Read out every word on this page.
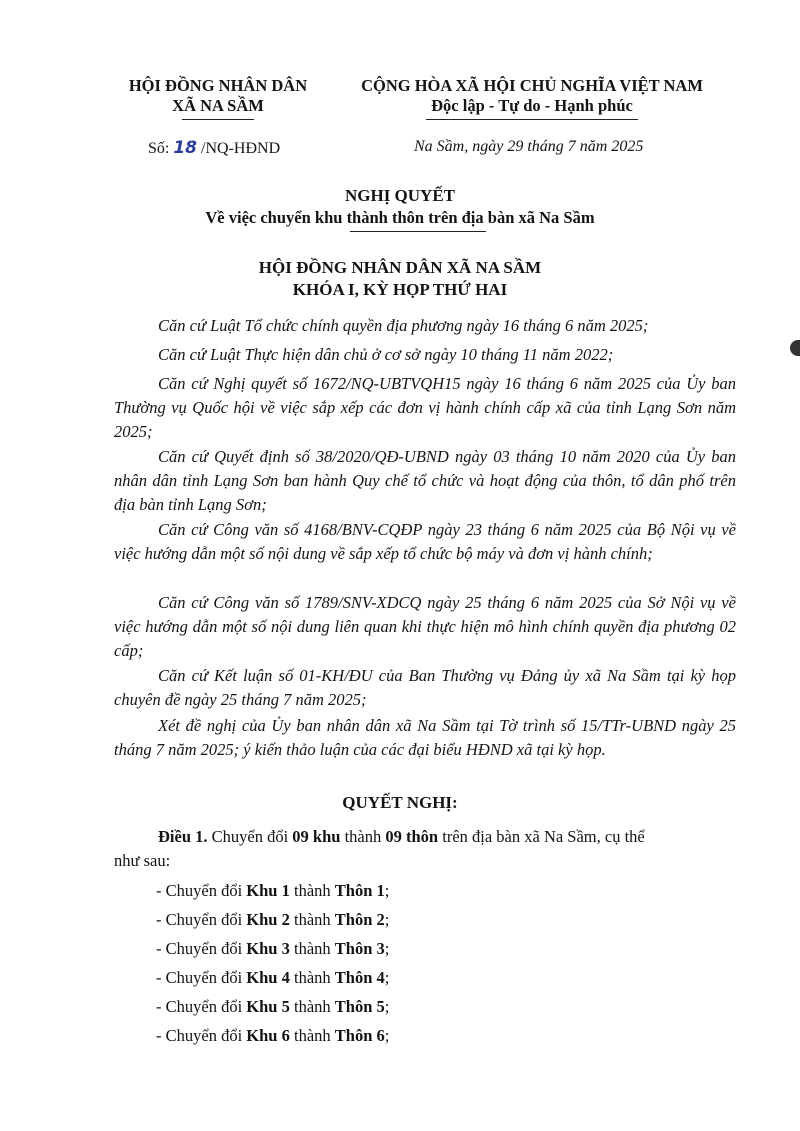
HỘI ĐỒNG NHÂN DÂN
XÃ NA SẦM
CỘNG HÒA XÃ HỘI CHỦ NGHĨA VIỆT NAM
Độc lập - Tự do - Hạnh phúc
Số: 18 /NQ-HĐND	Na Sầm, ngày 29 tháng 7 năm 2025
NGHỊ QUYẾT
Về việc chuyển khu thành thôn trên địa bàn xã Na Sầm
HỘI ĐỒNG NHÂN DÂN XÃ NA SẦM
KHÓA I, KỲ HỌP THỨ HAI
Căn cứ Luật Tổ chức chính quyền địa phương ngày 16 tháng 6 năm 2025;
Căn cứ Luật Thực hiện dân chủ ở cơ sở ngày 10 tháng 11 năm 2022;
Căn cứ Nghị quyết số 1672/NQ-UBTVQH15 ngày 16 tháng 6 năm 2025 của Ủy ban Thường vụ Quốc hội về việc sắp xếp các đơn vị hành chính cấp xã của tỉnh Lạng Sơn năm 2025;
Căn cứ Quyết định số 38/2020/QĐ-UBND ngày 03 tháng 10 năm 2020 của Ủy ban nhân dân tỉnh Lạng Sơn ban hành Quy chế tổ chức và hoạt động của thôn, tổ dân phố trên địa bàn tỉnh Lạng Sơn;
Căn cứ Công văn số 4168/BNV-CQĐP ngày 23 tháng 6 năm 2025 của Bộ Nội vụ về việc hướng dẫn một số nội dung về sắp xếp tổ chức bộ máy và đơn vị hành chính;
Căn cứ Công văn số 1789/SNV-XDCQ ngày 25 tháng 6 năm 2025 của Sở Nội vụ về việc hướng dẫn một số nội dung liên quan khi thực hiện mô hình chính quyền địa phương 02 cấp;
Căn cứ Kết luận số 01-KH/ĐU của Ban Thường vụ Đảng ủy xã Na Sầm tại kỳ họp chuyên đề ngày 25 tháng 7 năm 2025;
Xét đề nghị của Ủy ban nhân dân xã Na Sầm tại Tờ trình số 15/TTr-UBND ngày 25 tháng 7 năm 2025; ý kiến thảo luận của các đại biểu HĐND xã tại kỳ họp.
QUYẾT NGHỊ:
Điều 1. Chuyển đổi 09 khu thành 09 thôn trên địa bàn xã Na Sầm, cụ thể
như sau:
- Chuyển đổi Khu 1 thành Thôn 1;
- Chuyển đổi Khu 2 thành Thôn 2;
- Chuyển đổi Khu 3 thành Thôn 3;
- Chuyển đổi Khu 4 thành Thôn 4;
- Chuyển đổi Khu 5 thành Thôn 5;
- Chuyển đổi Khu 6 thành Thôn 6;
